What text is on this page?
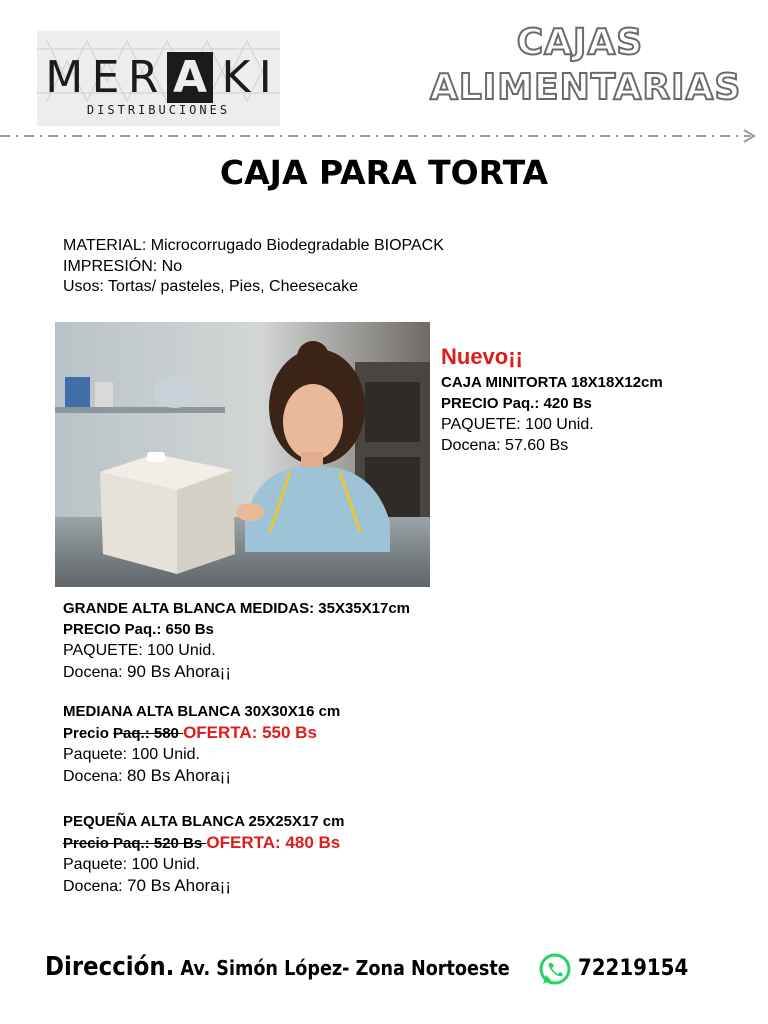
M E R A K I
DISTRIBUCIONES
CAJAS
ALIMENTARIAS
CAJA PARA TORTA
MATERIAL: Microcorrugado Biodegradable BIOPACK
IMPRESIÓN: No
Usos: Tortas/ pasteles, Pies, Cheesecake
Nuevo¡¡
CAJA MINITORTA 18X18X12cm
PRECIO Paq.: 420 Bs
PAQUETE: 100 Unid.
Docena: 57.60 Bs
GRANDE ALTA BLANCA MEDIDAS: 35X35X17cm
PRECIO Paq.: 650 Bs
PAQUETE: 100 Unid.
Docena: 90 Bs Ahora¡¡
MEDIANA ALTA BLANCA 30X30X16 cm
Precio Paq.: 580 OFERTA: 550 Bs
Paquete: 100 Unid.
Docena: 80 Bs Ahora¡¡
PEQUEÑA ALTA BLANCA 25X25X17 cm
Precio Paq.: 520 Bs OFERTA: 480 Bs
Paquete: 100 Unid.
Docena: 70 Bs Ahora¡¡
Dirección. Av. Simón López- Zona Nortoeste	72219154
